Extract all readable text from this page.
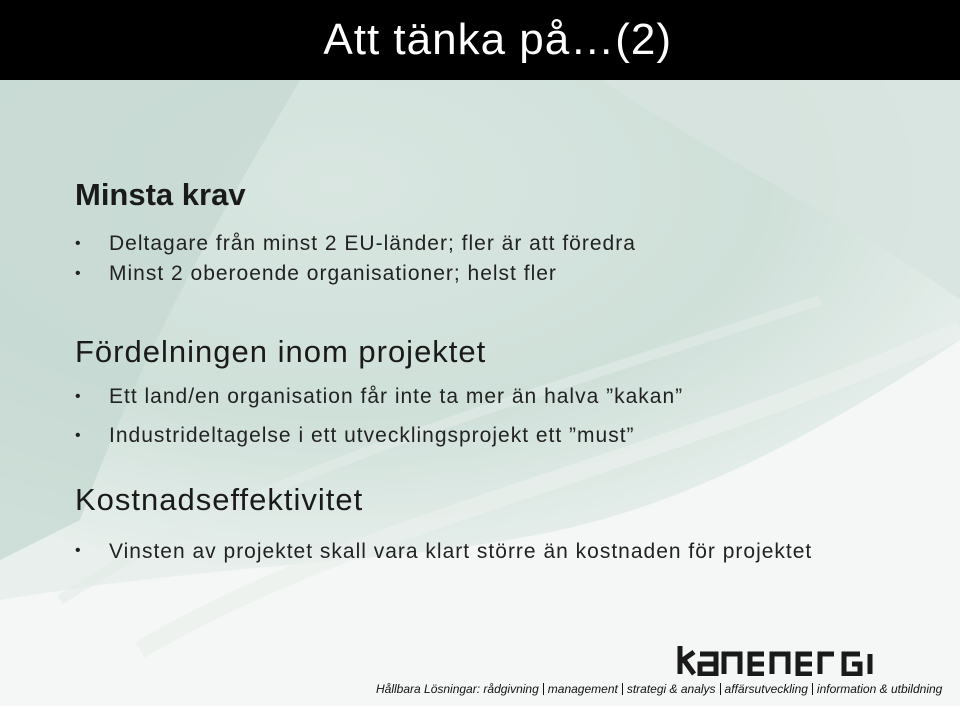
Att tänka på…(2)
Minsta krav
• Deltagare från minst 2 EU-länder; fler är att föredra
• Minst 2 oberoende organisationer; helst fler
Fördelningen inom projektet
• Ett land/en organisation får inte ta mer än halva ”kakan”
• Industrideltagelse i ett utvecklingsprojekt ett ”must”
Kostnadseffektivitet
• Vinsten av projektet skall vara klart större än kostnaden för projektet
kanenergi
Hållbara Lösningar: rådgivning management strategi & analys affärsutveckling information & utbildning
